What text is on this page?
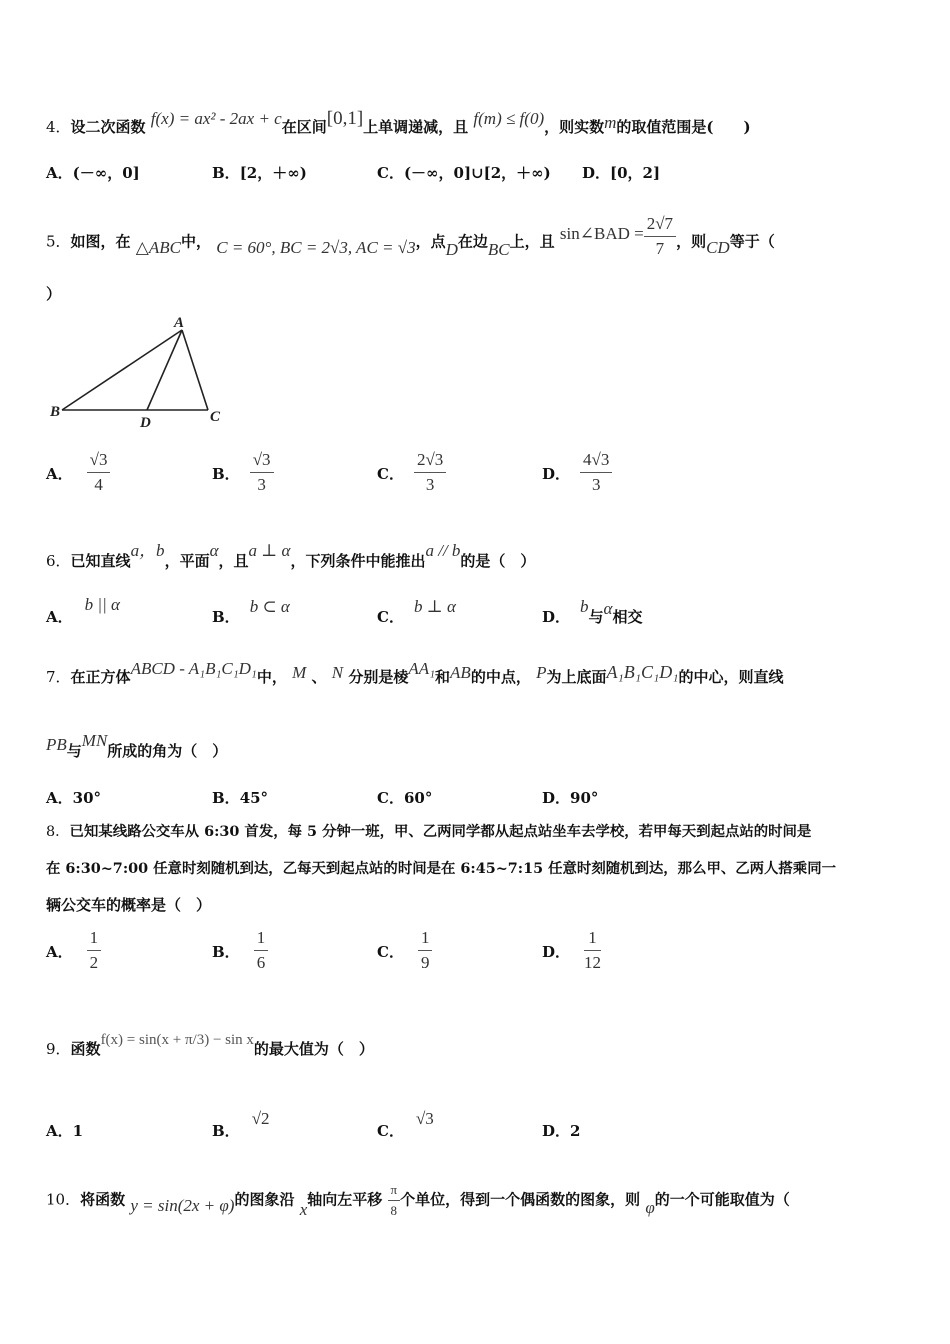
4．设二次函数 f(x) = ax² - 2ax + c在区间[0,1]上单调递减，且 f(m) ≤ f(0)，则实数m的取值范围是(　　)
A．(－∞，0]	B．[2，＋∞)	C．(－∞，0]∪[2，＋∞) D．[0，2]
5．如图，在 △ABC中， C = 60°, BC = 2√3, AC = √3，点D在边BC上，且 sin∠BAD = $\frac{2√7}{7}$ ，则CD等于（
）
A
B	C
D
A． $\frac{√3}{4}$	B． $\frac{√3}{3}$	C． $\frac{2√3}{3}$	D． $\frac{4√3}{3}$
6．已知直线a，b，平面α，且a ⊥ α，下列条件中能推出a // b的是（　）
A．b || α
B．b ⊂ α
C．b ⊥ α
D．b与α相交
7．在正方体ABCD - A₁B₁C₁D₁中， M 、 N 分别是棱AA₁和AB的中点， P为上底面A₁B₁C₁D₁的中心，则直线
PB与MN所成的角为（　）
A．30°	B．45°	C．60°	D．90°
8．已知某线路公交车从 6:30 首发，每 5 分钟一班，甲、乙两同学都从起点站坐车去学校，若甲每天到起点站的时间是
在 6:30~7:00 任意时刻随机到达，乙每天到起点站的时间是在 6:45~7:15 任意时刻随机到达，那么甲、乙两人搭乘同一
辆公交车的概率是（　）
A． $\frac{1}{2}$	B． $\frac{1}{6}$	C． $\frac{1}{9}$	D． $\frac{1}{12}$
9．函数f(x) = sin(x + π/3) − sin x的最大值为（　）
A．1	B．√2
C．√3
D．2
10．将函数 y = sin(2x + φ)的图象沿 x轴向左平移 $\frac{\pi}{8}$ 个单位，得到一个偶函数的图象，则 φ的一个可能取值为（
